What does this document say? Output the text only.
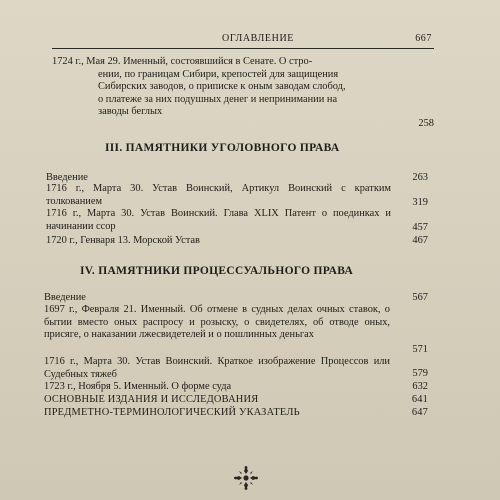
ОГЛАВЛЕНИЕ	667
1724 г., Мая 29. Именный, состоявшийся в Сенате. О стро-
ении, по границам Сибири, крепостей для защищения
Сибирских заводов, о приписке к оным заводам слобод,
о платеже за них подушных денег и непринимании на
заводы беглых
258
III. ПАМЯТНИКИ УГОЛОВНОГО ПРАВА
Введение	263
1716 г., Марта 30. Устав Воинский, Артикул Воинский с кратким толкованием	319
1716 г., Марта 30. Устав Воинский. Глава XLIX Патент о поединках и начинании ссор	457
1720 г., Генваря 13. Морской Устав	467
IV. ПАМЯТНИКИ ПРОЦЕССУАЛЬНОГО ПРАВА
Введение	567
1697 г., Февраля 21. Именный. Об отмене в судных делах очных ставок, о бытии вместо оных распросу и розыску, о свидетелях, об отводе оных, присяге, о наказании лжесвидетелей и о пошлинных деньгах
571
1716 г., Марта 30. Устав Воинский. Краткое изображение Процессов или Судебных тяжеб	579
1723 г., Ноября 5. Именный. О форме суда	632
ОСНОВНЫЕ ИЗДАНИЯ И ИССЛЕДОВАНИЯ	641
ПРЕДМЕТНО-ТЕРМИНОЛОГИЧЕСКИЙ УКАЗАТЕЛЬ	647
